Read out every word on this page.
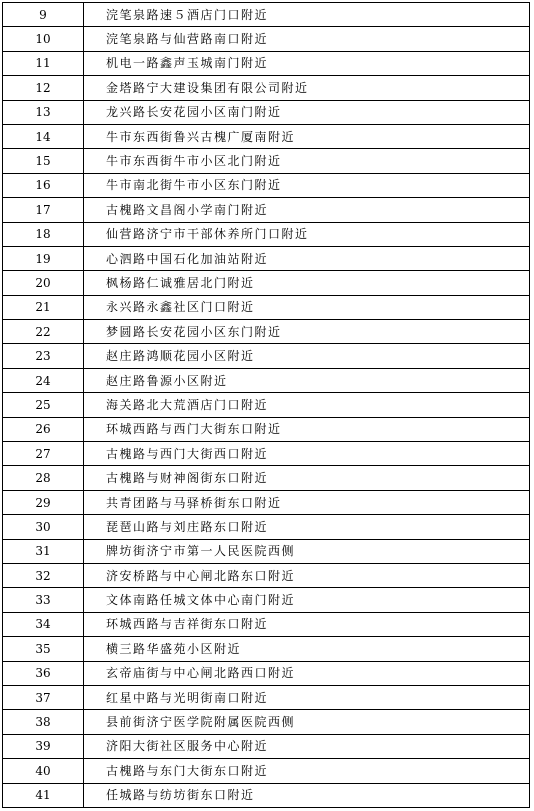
9	浣笔泉路速５酒店门口附近
10	浣笔泉路与仙营路南口附近
11	机电一路鑫声玉城南门附近
12	金塔路宁大建设集团有限公司附近
13	龙兴路长安花园小区南门附近
14	牛市东西街鲁兴古槐广厦南附近
15	牛市东西街牛市小区北门附近
16	牛市南北街牛市小区东门附近
17	古槐路文昌阁小学南门附近
18	仙营路济宁市干部休养所门口附近
19	心泗路中国石化加油站附近
20	枫杨路仁诚雅居北门附近
21	永兴路永鑫社区门口附近
22	梦圆路长安花园小区东门附近
23	赵庄路鸿顺花园小区附近
24	赵庄路鲁源小区附近
25	海关路北大荒酒店门口附近
26	环城西路与西门大街东口附近
27	古槐路与西门大街西口附近
28	古槐路与财神阁街东口附近
29	共青团路与马驿桥街东口附近
30	琵琶山路与刘庄路东口附近
31	牌坊街济宁市第一人民医院西侧
32	济安桥路与中心闸北路东口附近
33	文体南路任城文体中心南门附近
34	环城西路与吉祥街东口附近
35	横三路华盛苑小区附近
36	玄帝庙街与中心闸北路西口附近
37	红星中路与光明街南口附近
38	县前街济宁医学院附属医院西侧
39	济阳大街社区服务中心附近
40	古槐路与东门大街东口附近
41	任城路与纺坊街东口附近
